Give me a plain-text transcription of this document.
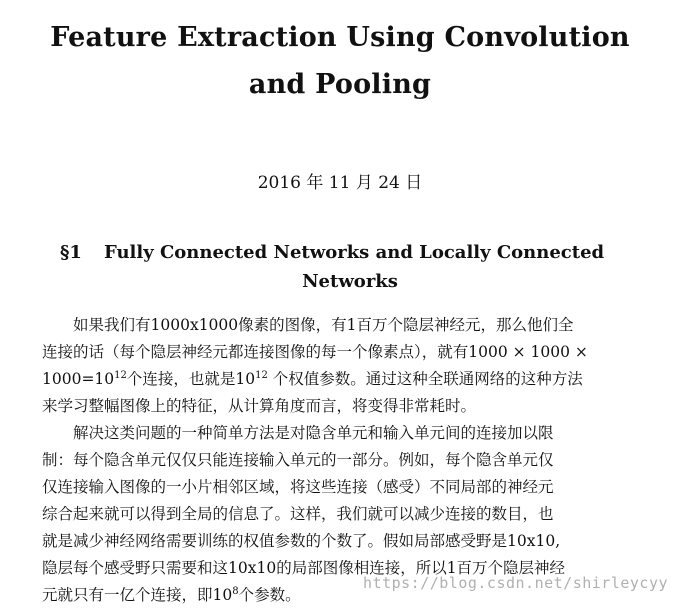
Feature Extraction Using Convolution
and Pooling
2016 年 11 月 24 日
§1	Fully Connected Networks and Locally Connected
Networks
如果我们有1000x1000像素的图像，有1百万个隐层神经元，那么他们全
连接的话（每个隐层神经元都连接图像的每一个像素点），就有1000 × 1000 ×
$1000=10^{12}$个连接，也就是$10^{12}$ 个权值参数。通过这种全联通网络的这种方法
来学习整幅图像上的特征，从计算角度而言，将变得非常耗时。
解决这类问题的一种简单方法是对隐含单元和输入单元间的连接加以限
制：每个隐含单元仅仅只能连接输入单元的一部分。例如，每个隐含单元仅
仅连接输入图像的一小片相邻区域，将这些连接（感受）不同局部的神经元
综合起来就可以得到全局的信息了。这样，我们就可以减少连接的数目，也
就是减少神经网络需要训练的权值参数的个数了。假如局部感受野是10x10,
隐层每个感受野只需要和这10x10的局部图像相连接，所以1百万个隐层神经
元就只有一亿个连接，即$10^8$个参数。
https://blog.csdn.net/shirleycyy
